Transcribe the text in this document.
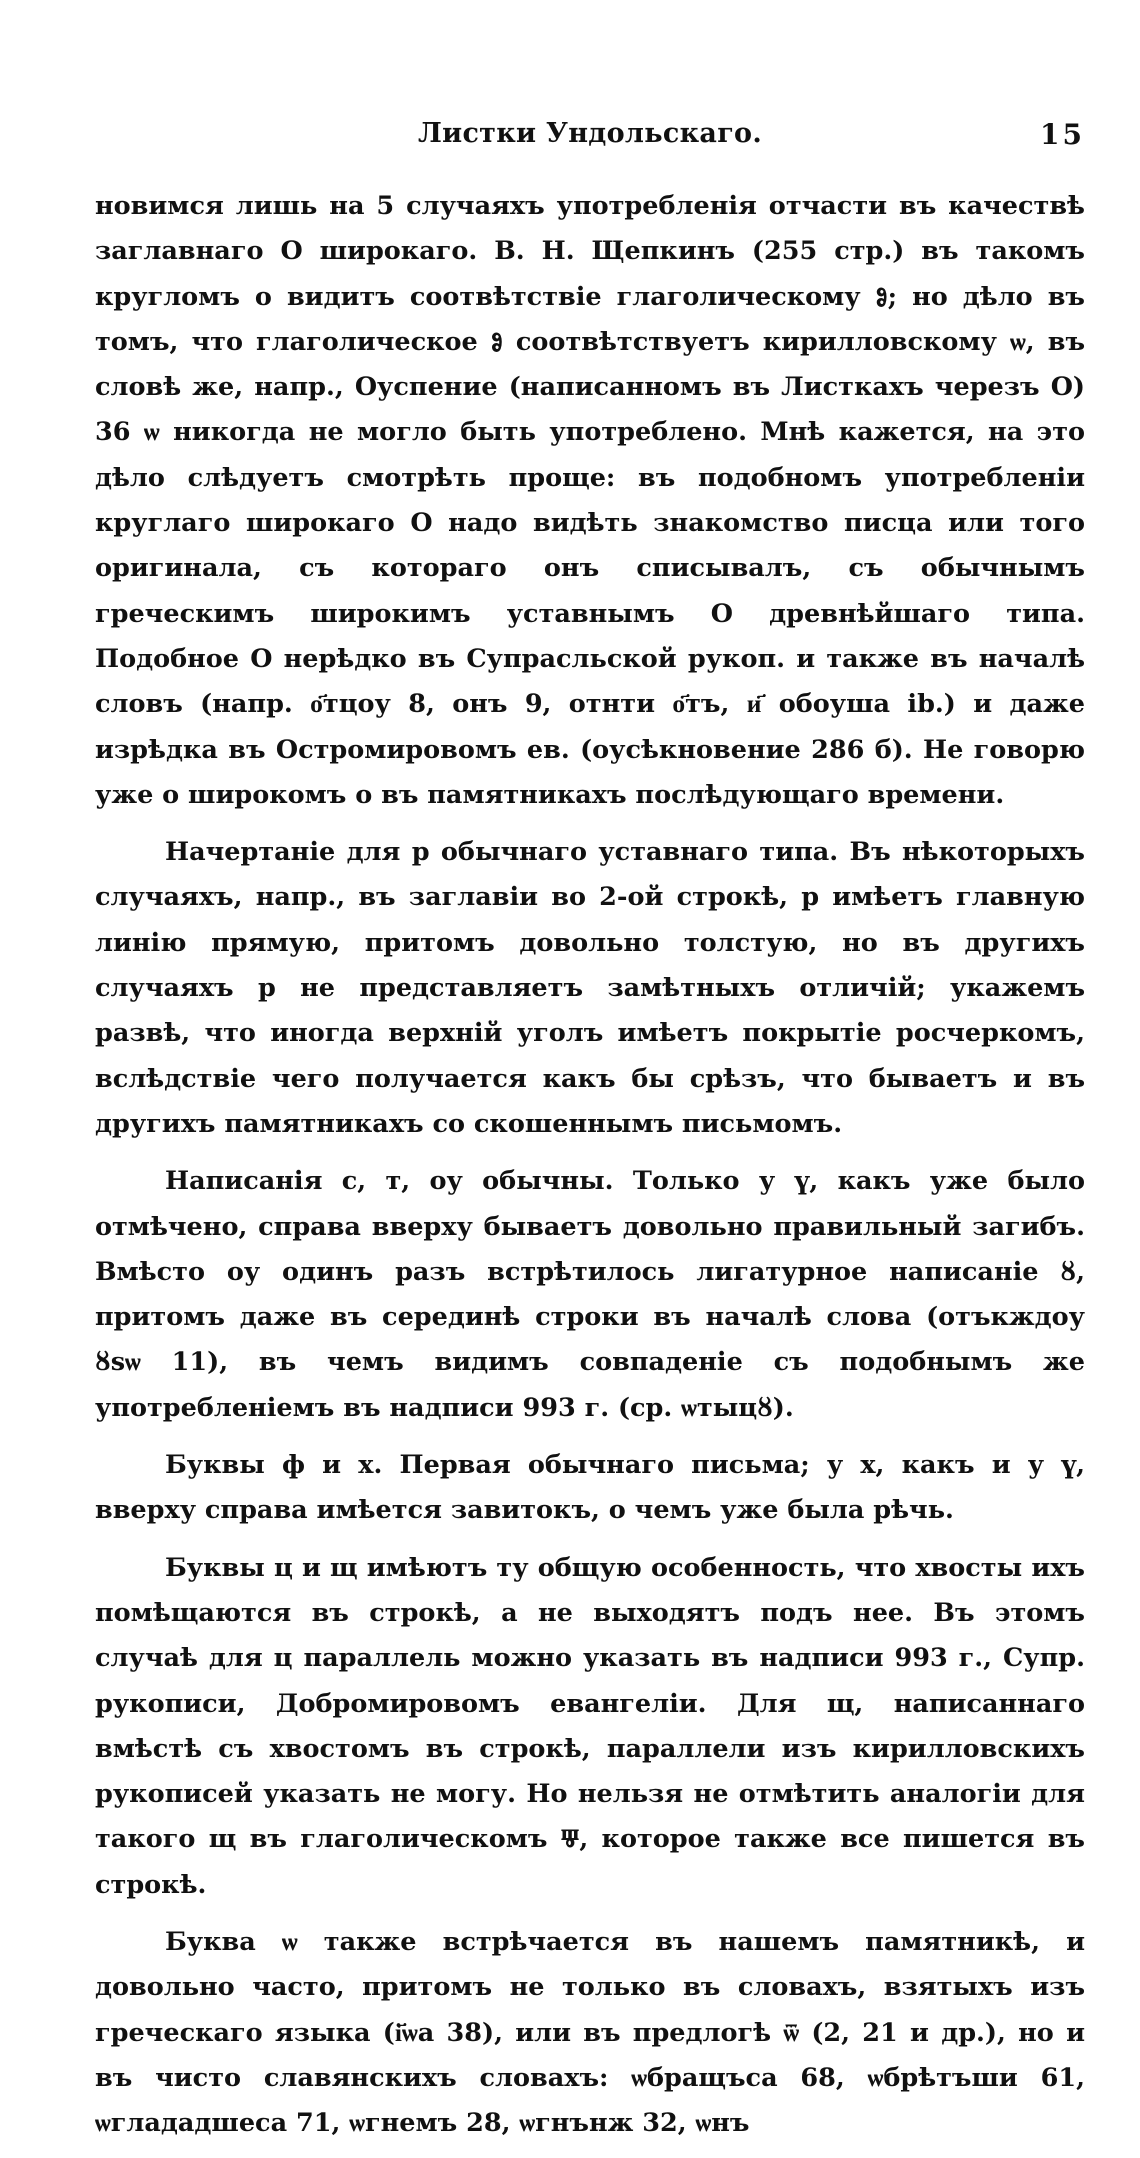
Листки Ундольскаго.	15

новимся лишь на 5 случаяхъ употребленія отчасти въ качествѣ заглавнаго О широкаго. В. Н. Щепкинъ (255 стр.) въ такомъ кругломъ о видитъ соотвѣтствіе глаголическому Ⱁ; но дѣло въ томъ, что глаголическое Ⱁ соотвѣтствуетъ кирилловскому ѡ, въ словѣ же, напр., Оуспение (написанномъ въ Листкахъ черезъ О) 36 ѡ никогда не могло быть употреблено. Мнѣ кажется, на это дѣло слѣдуетъ смотрѣть проще: въ подобномъ употребленіи круглаго широкаго О надо видѣть знакомство писца или того оригинала, съ котораго онъ списывалъ, съ обычнымъ греческимъ широкимъ уставнымъ О древнѣйшаго типа. Подобное О нерѣдко въ Супрасльской рукоп. и также въ началѣ словъ (напр. о҃тцоу 8, онъ 9, отнти о҃тъ, и҃ обоуша ib.) и даже изрѣдка въ Остромировомъ ев. (оусѣкновение 286 б). Не говорю уже о широкомъ о въ памятникахъ послѣдующаго времени.

Начертаніе для р обычнаго уставнаго типа. Въ нѣкоторыхъ случаяхъ, напр., въ заглавіи во 2-ой строкѣ, р имѣетъ главную линію прямую, притомъ довольно толстую, но въ другихъ случаяхъ р не представляетъ замѣтныхъ отличій; укажемъ развѣ, что иногда верхній уголъ имѣетъ покрытіе росчеркомъ, вслѣдствіе чего получается какъ бы срѣзъ, что бываетъ и въ другихъ памятникахъ со скошеннымъ письмомъ.

Написанія с, т, оу обычны. Только у ү, какъ уже было отмѣчено, справа вверху бываетъ довольно правильный загибъ. Вмѣсто оу одинъ разъ встрѣтилось лигатурное написаніе ȣ, притомъ даже въ серединѣ строки въ началѣ слова (отъкждоу ȣѕѡ 11), въ чемъ видимъ совпаденіе съ подобнымъ же употребленіемъ въ надписи 993 г. (ср. ѡтыцȣ).

Буквы ф и х. Первая обычнаго письма; у х, какъ и у ү, вверху справа имѣется завитокъ, о чемъ уже была рѣчь.

Буквы ц и щ имѣютъ ту общую особенность, что хвосты ихъ помѣщаются въ строкѣ, а не выходятъ подъ нее. Въ этомъ случаѣ для ц параллель можно указать въ надписи 993 г., Супр. рукописи, Добромировомъ евангеліи. Для щ, написаннаго вмѣстѣ съ хвостомъ въ строкѣ, параллели изъ кирилловскихъ рукописей указать не могу. Но нельзя не отмѣтить аналогіи для такого щ въ глаголическомъ Ⱋ, которое также все пишется въ строкѣ.

Буква ѡ также встрѣчается въ нашемъ памятникѣ, и довольно часто, притомъ не только въ словахъ, взятыхъ изъ греческаго языка (і҃ѡа 38), или въ предлогѣ ѿ (2, 21 и др.), но и въ чисто славянскихъ словахъ: ѡбращъса 68, ѡбрѣтъши 61, ѡглададшеса 71, ѡгнемъ 28, ѡгнънж 32, ѡнъ
